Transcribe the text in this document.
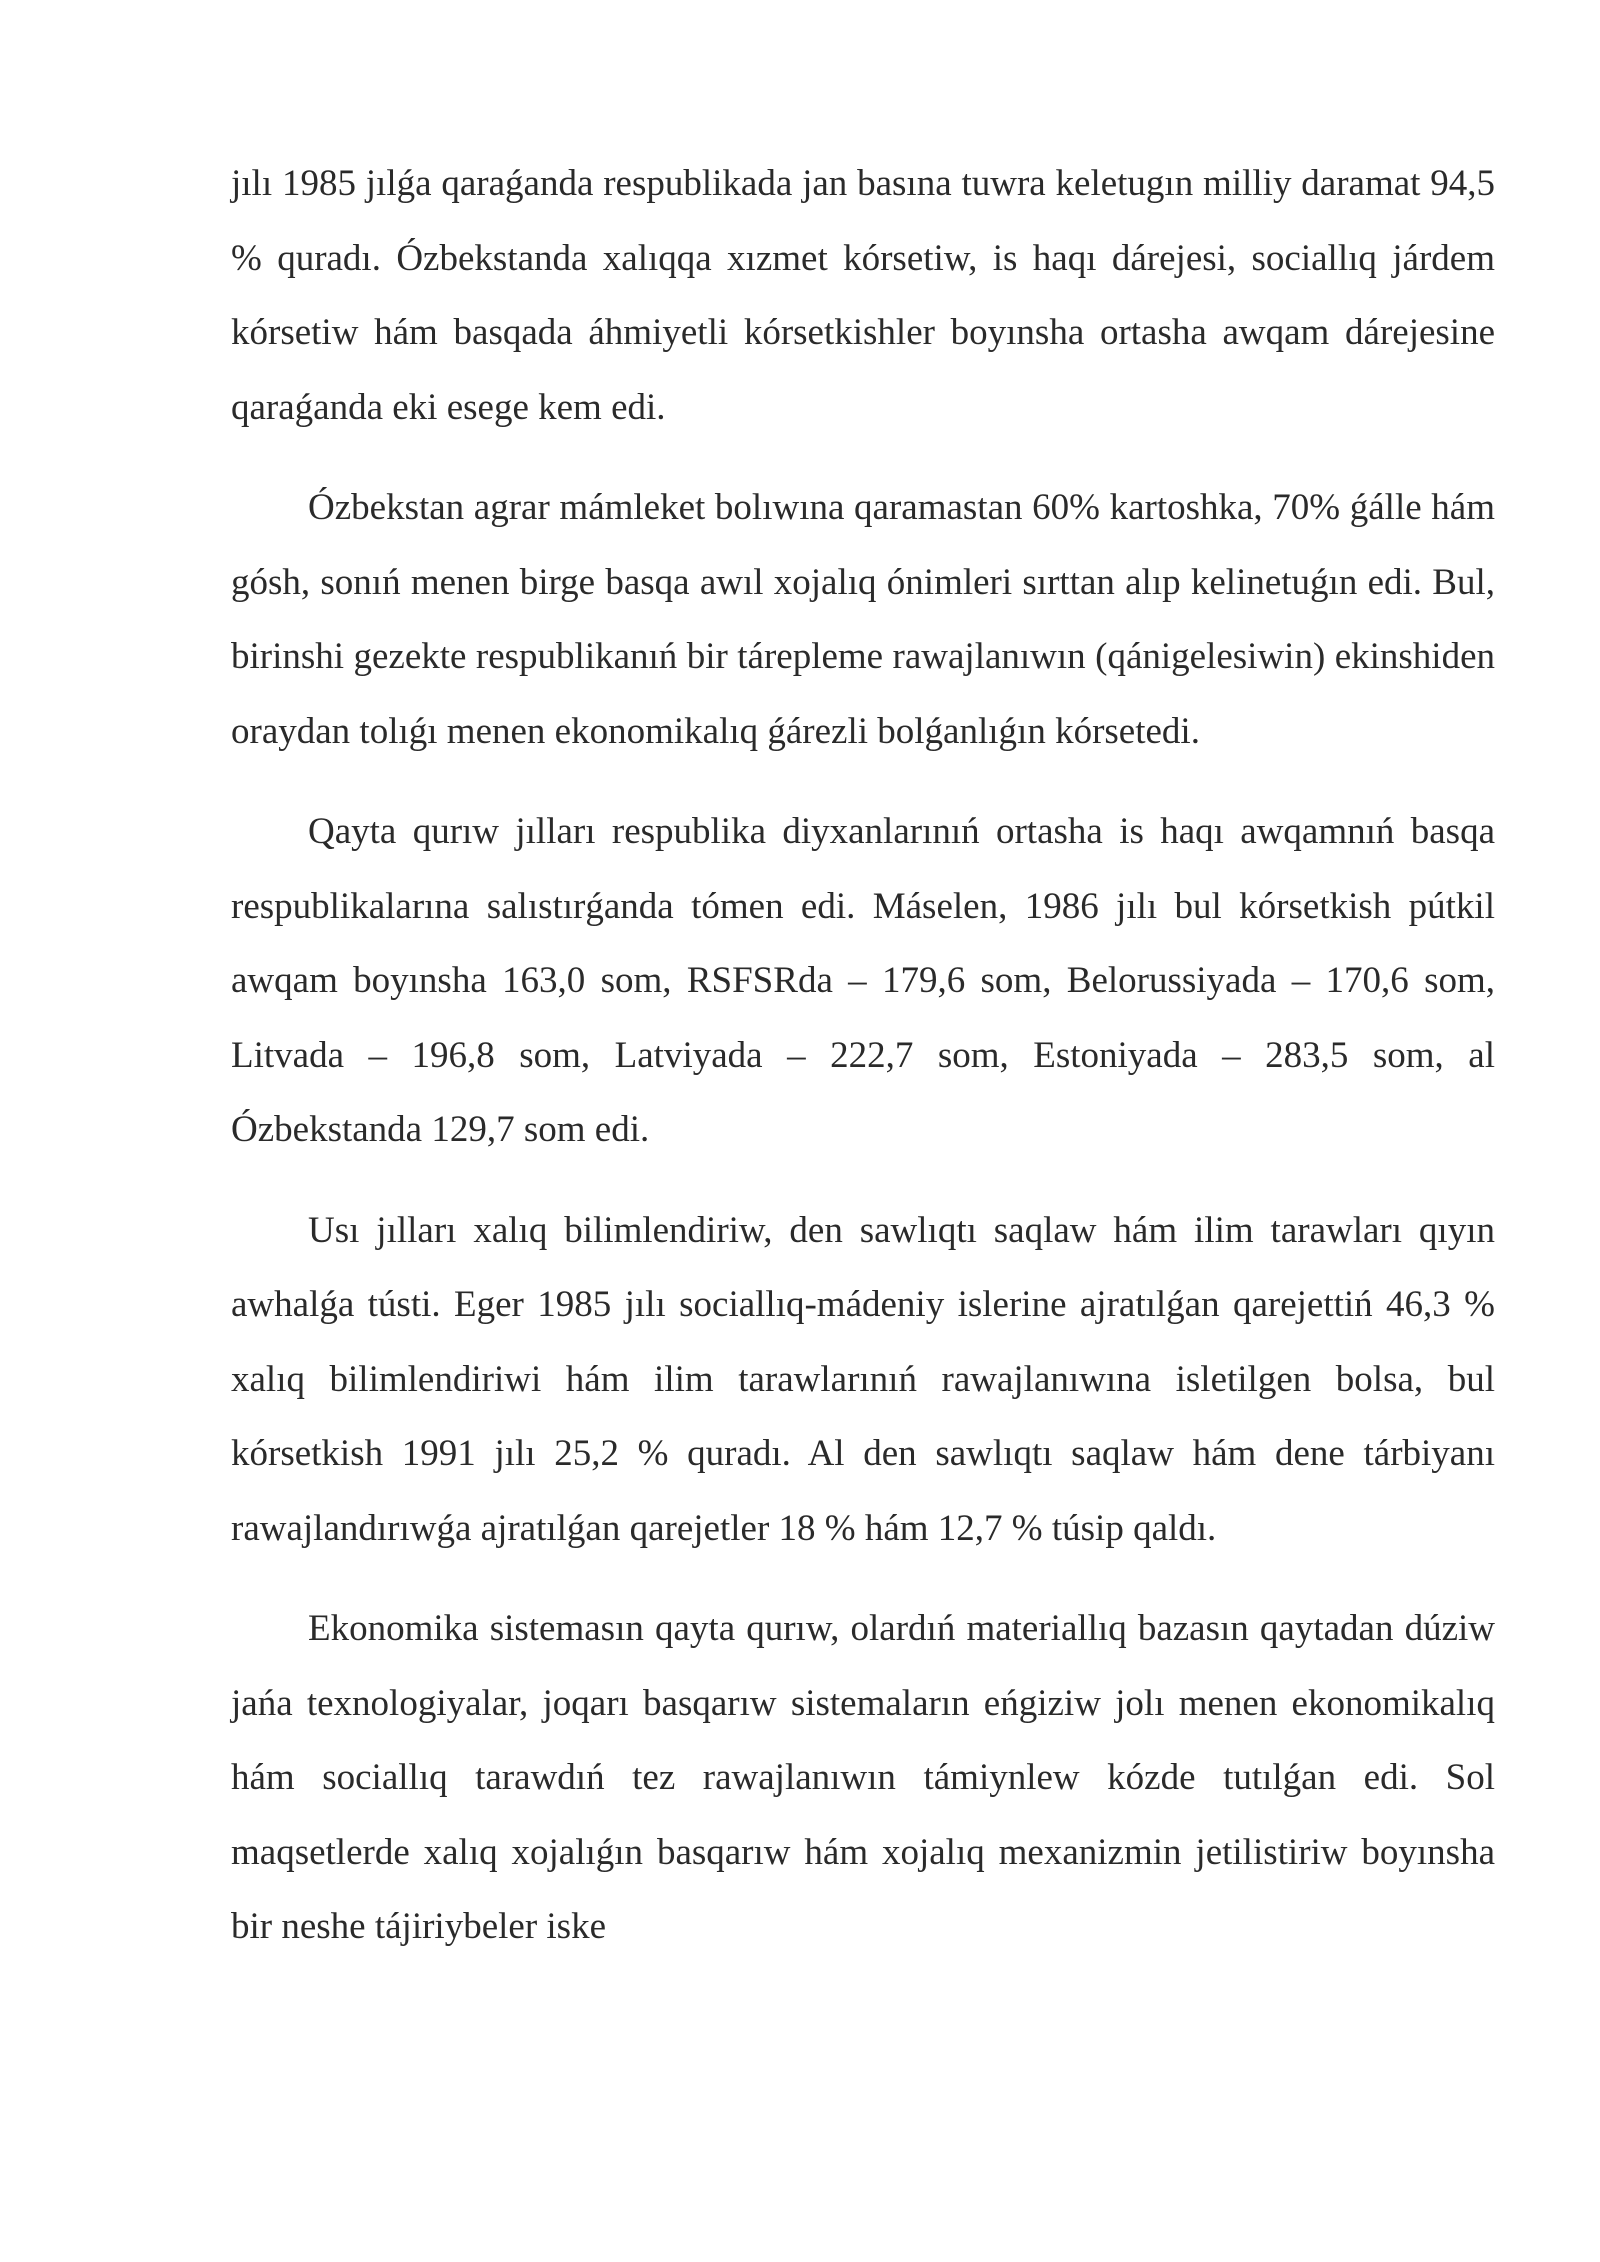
jılı 1985 jılǵa qaraǵanda respublikada jan basına tuwra keletugın milliy daramat 94,5 % quradı. Ózbekstanda xalıqqa xızmet kórsetiw, is haqı dárejesi, sociallıq járdem kórsetiw hám basqada áhmiyetli kórsetkishler boyınsha ortasha awqam dárejesine qaraǵanda eki esege kem edi.

Ózbekstan agrar mámleket bolıwına qaramastan 60% kartoshka, 70% ǵálle hám gósh, sonıń menen birge basqa awıl xojalıq ónimleri sırttan alıp kelinetuǵın edi. Bul, birinshi gezekte respublikanıń bir tárepleme rawajlanıwın (qánigelesiwin) ekinshiden oraydan tolıǵı menen ekonomikalıq ǵárezli bolǵanlıǵın kórsetedi.

Qayta qurıw jılları respublika diyxanlarınıń ortasha is haqı awqamnıń basqa respublikalarına salıstırǵanda tómen edi. Máselen, 1986 jılı bul kórsetkish pútkil awqam boyınsha 163,0 som, RSFSRda – 179,6 som, Belorussiyada – 170,6 som, Litvada – 196,8 som, Latviyada – 222,7 som, Estoniyada – 283,5 som, al Ózbekstanda 129,7 som edi.

Usı jılları xalıq bilimlendiriw, den sawlıqtı saqlaw hám ilim tarawları qıyın awhalǵa tústi. Eger 1985 jılı sociallıq-mádeniy islerine ajratılǵan qarejettiń 46,3 % xalıq bilimlendiriwi hám ilim tarawlarınıń rawajlanıwına isletilgen bolsa, bul kórsetkish 1991 jılı 25,2 % quradı. Al den sawlıqtı saqlaw hám dene tárbiyanı rawajlandırıwǵa ajratılǵan qarejetler 18 % hám 12,7 % túsip qaldı.

Ekonomika sistemasın qayta qurıw, olardıń materiallıq bazasın qaytadan dúziw jańa texnologiyalar, joqarı basqarıw sistemaların eńgiziw jolı menen ekonomikalıq hám sociallıq tarawdıń tez rawajlanıwın támiynlew kózde tutılǵan edi. Sol maqsetlerde xalıq xojalıǵın basqarıw hám xojalıq mexanizmin jetilistiriw boyınsha bir neshe tájiriybeler iske
